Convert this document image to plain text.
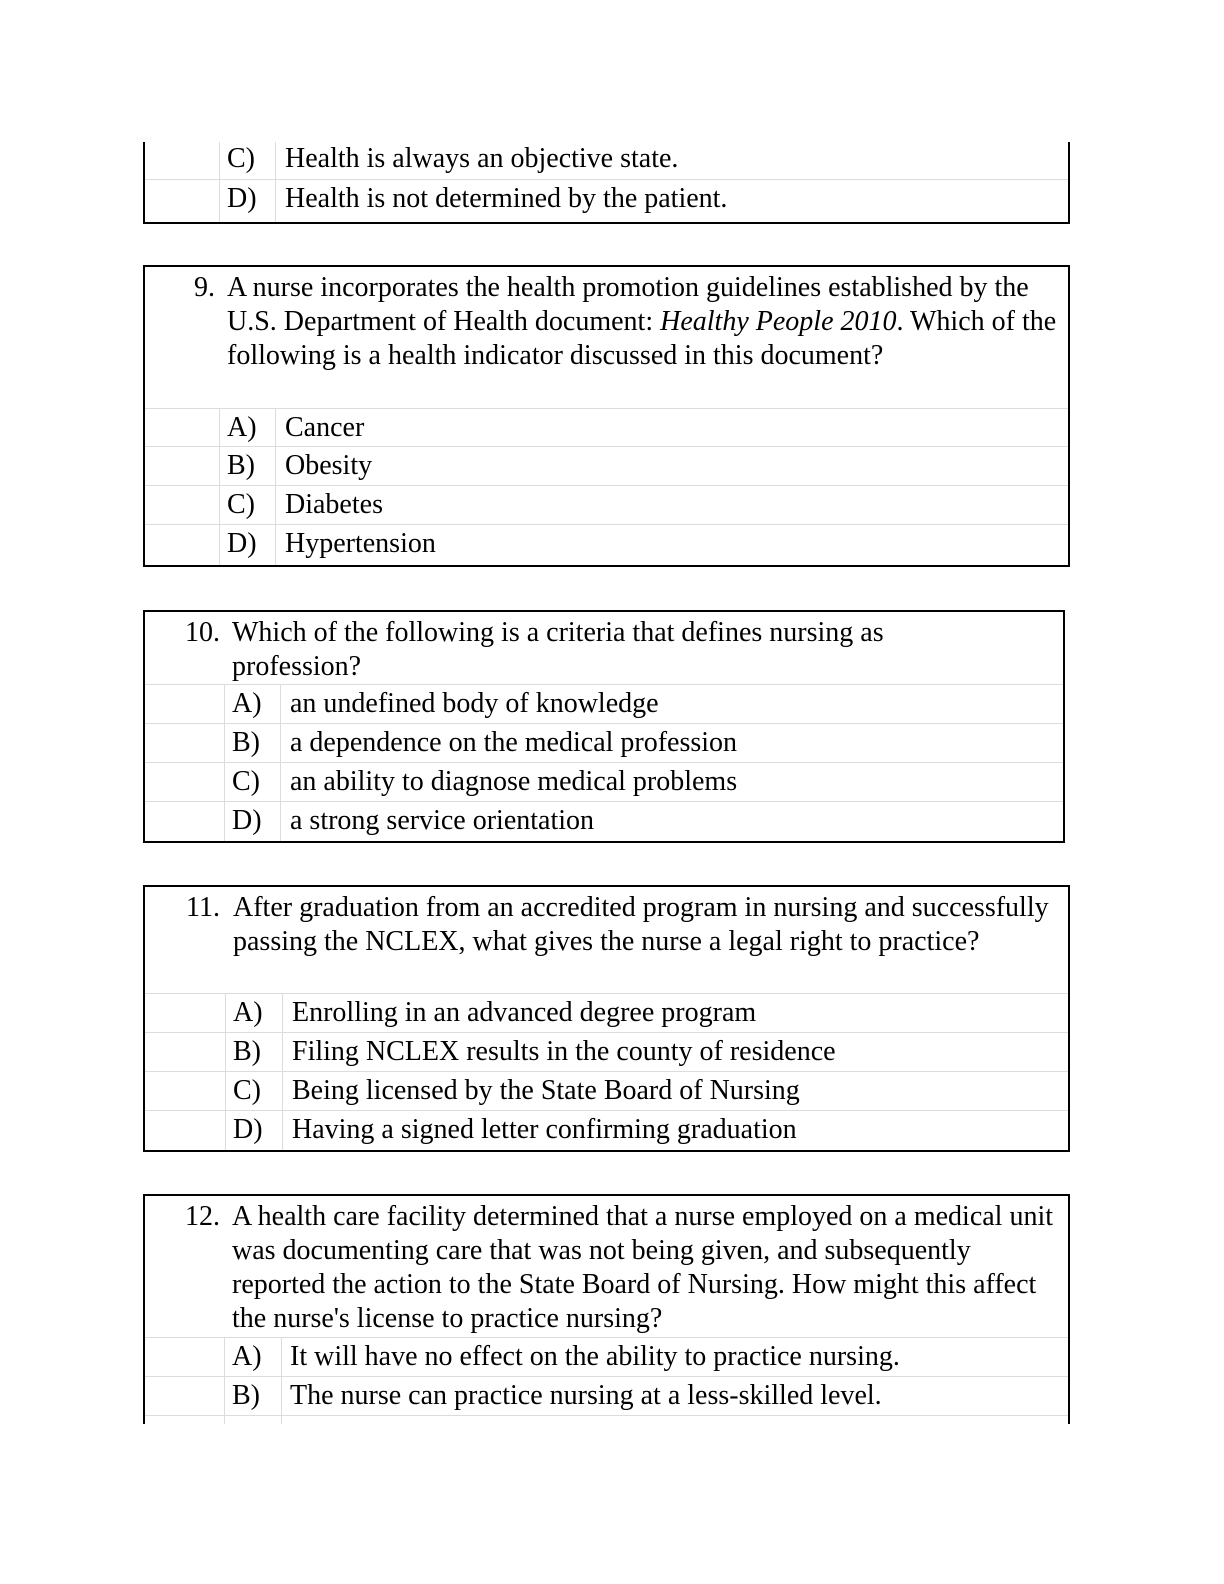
C) Health is always an objective state.
D) Health is not determined by the patient.
9. A nurse incorporates the health promotion guidelines established by the U.S. Department of Health document: Healthy People 2010. Which of the following is a health indicator discussed in this document?
A) Cancer
B) Obesity
C) Diabetes
D) Hypertension
10. Which of the following is a criteria that defines nursing as profession?
A) an undefined body of knowledge
B) a dependence on the medical profession
C) an ability to diagnose medical problems
D) a strong service orientation
11. After graduation from an accredited program in nursing and successfully passing the NCLEX, what gives the nurse a legal right to practice?
A) Enrolling in an advanced degree program
B) Filing NCLEX results in the county of residence
C) Being licensed by the State Board of Nursing
D) Having a signed letter confirming graduation
12. A health care facility determined that a nurse employed on a medical unit was documenting care that was not being given, and subsequently reported the action to the State Board of Nursing. How might this affect the nurse's license to practice nursing?
A) It will have no effect on the ability to practice nursing.
B) The nurse can practice nursing at a less-skilled level.
